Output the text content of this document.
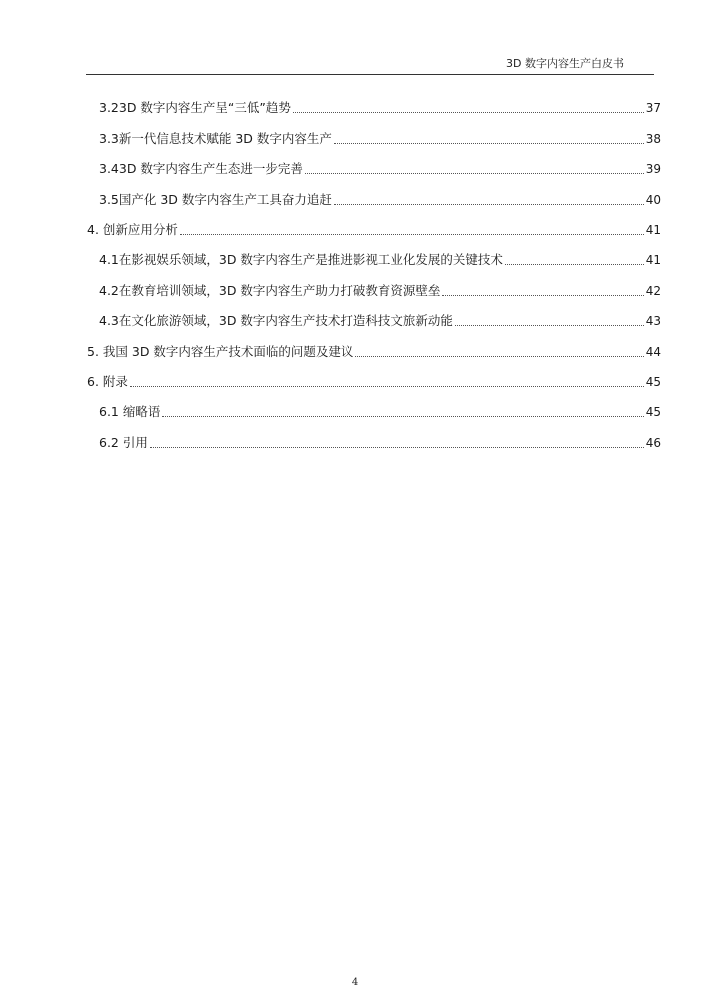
3D 数字内容生产白皮书
3.23D 数字内容生产呈“三低”趋势	37
3.3新一代信息技术赋能 3D 数字内容生产	38
3.43D 数字内容生产生态进一步完善	39
3.5国产化 3D 数字内容生产工具奋力追赶	40
4. 创新应用分析	41
4.1在影视娱乐领域，3D 数字内容生产是推进影视工业化发展的关键技术	41
4.2在教育培训领域，3D 数字内容生产助力打破教育资源壁垒	42
4.3在文化旅游领域，3D 数字内容生产技术打造科技文旅新动能	43
5. 我国 3D 数字内容生产技术面临的问题及建议	44
6. 附录	45
6.1 缩略语	45
6.2 引用	46
4
